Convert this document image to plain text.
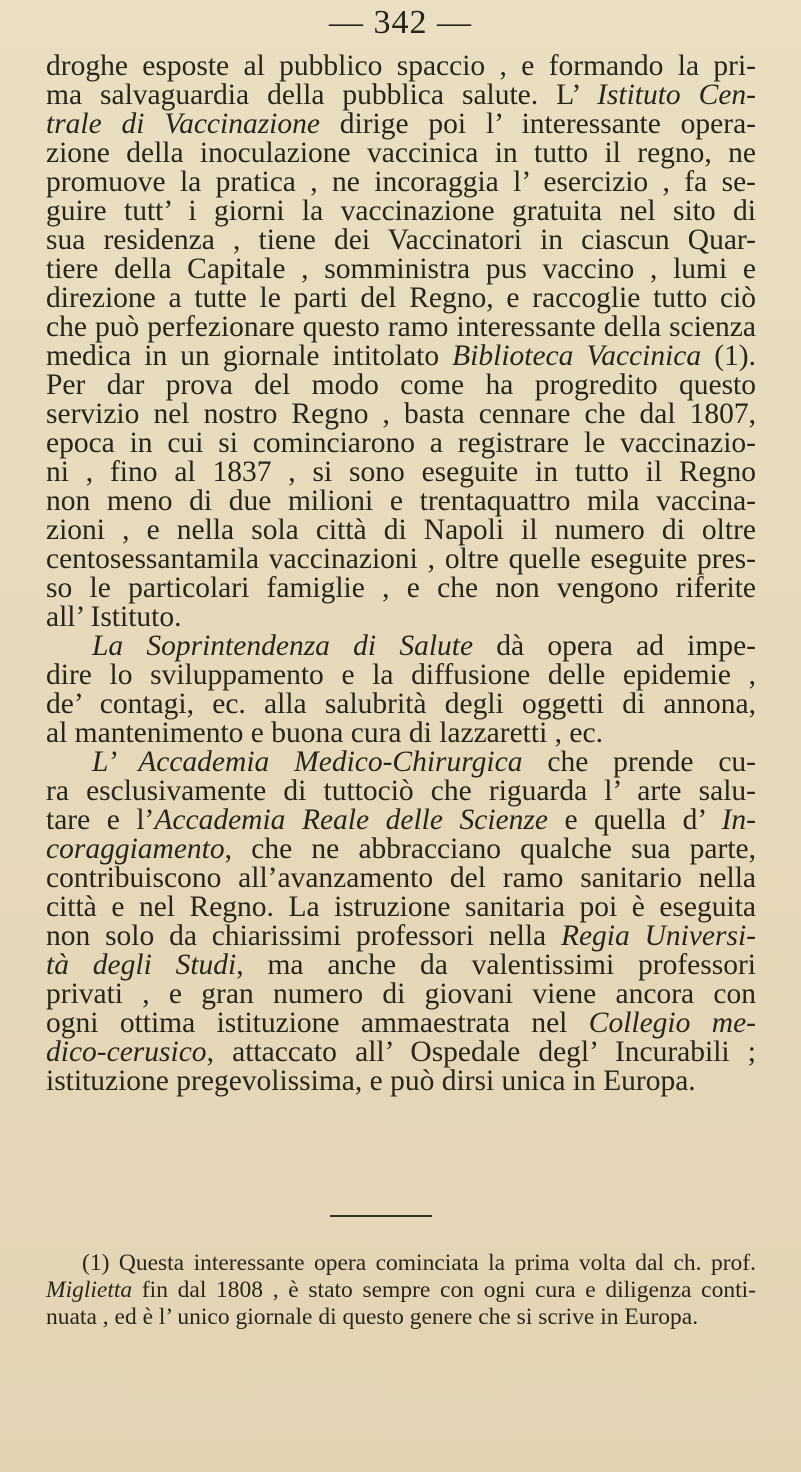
— 342 —
droghe esposte al pubblico spaccio , e formando la pri-
ma salvaguardia della pubblica salute. L’ Istituto Cen-
trale di Vaccinazione dirige poi l’ interessante opera-
zione della inoculazione vaccinica in tutto il regno, ne
promuove la pratica , ne incoraggia l’ esercizio , fa se-
guire tutt’ i giorni la vaccinazione gratuita nel sito di
sua residenza , tiene dei Vaccinatori in ciascun Quar-
tiere della Capitale , somministra pus vaccino , lumi e
direzione a tutte le parti del Regno, e raccoglie tutto ciò
che può perfezionare questo ramo interessante della scienza
medica in un giornale intitolato Biblioteca Vaccinica (1).
Per dar prova del modo come ha progredito questo
servizio nel nostro Regno , basta cennare che dal 1807,
epoca in cui si cominciarono a registrare le vaccinazio-
ni , fino al 1837 , si sono eseguite in tutto il Regno
non meno di due milioni e trentaquattro mila vaccina-
zioni , e nella sola città di Napoli il numero di oltre
centosessantamila vaccinazioni , oltre quelle eseguite pres-
so le particolari famiglie , e che non vengono riferite
all’ Istituto.
La Soprintendenza di Salute dà opera ad impe-
dire lo sviluppamento e la diffusione delle epidemie ,
de’ contagi, ec. alla salubrità degli oggetti di annona,
al mantenimento e buona cura di lazzaretti , ec.
L’ Accademia Medico-Chirurgica che prende cu-
ra esclusivamente di tuttociò che riguarda l’ arte salu-
tare e l’Accademia Reale delle Scienze e quella d’ In-
coraggiamento, che ne abbracciano qualche sua parte,
contribuiscono all’avanzamento del ramo sanitario nella
città e nel Regno. La istruzione sanitaria poi è eseguita
non solo da chiarissimi professori nella Regia Universi-
tà degli Studi, ma anche da valentissimi professori
privati , e gran numero di giovani viene ancora con
ogni ottima istituzione ammaestrata nel Collegio me-
dico-cerusico, attaccato all’ Ospedale degl’ Incurabili ;
istituzione pregevolissima, e può dirsi unica in Europa.
(1) Questa interessante opera cominciata la prima volta dal ch. prof.
Miglietta fin dal 1808 , è stato sempre con ogni cura e diligenza conti-
nuata , ed è l’ unico giornale di questo genere che si scrive in Europa.
